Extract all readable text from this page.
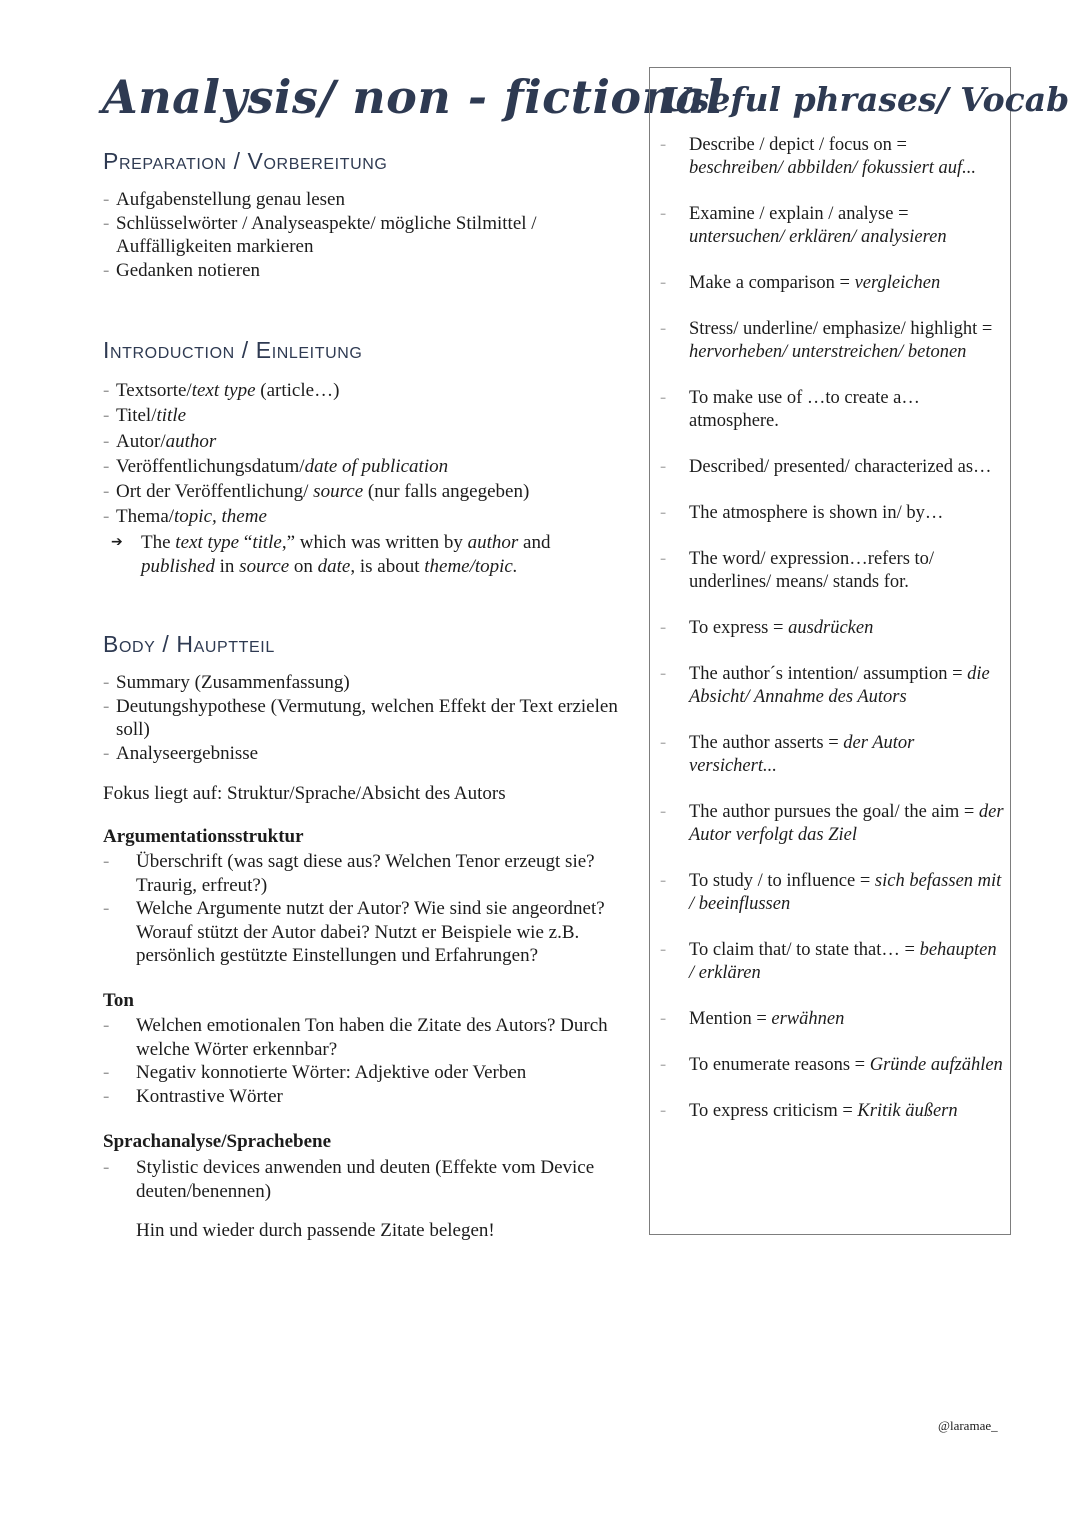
Analysis/ non - fictional
Preparation / Vorbereitung
- Aufgabenstellung genau lesen
- Schlüsselwörter / Analyseaspekte/ mögliche Stilmittel / Auffälligkeiten markieren
- Gedanken notieren
Introduction / Einleitung
- Textsorte/text type (article…)
- Titel/title
- Autor/author
- Veröffentlichungsdatum/date of publication
- Ort der Veröffentlichung/ source (nur falls angegeben)
- Thema/topic, theme
➔ The text type “title,” which was written by author and published in source on date, is about theme/topic.
Body / Hauptteil
- Summary (Zusammenfassung)
- Deutungshypothese (Vermutung, welchen Effekt der Text erzielen soll)
- Analyseergebnisse

Fokus liegt auf: Struktur/Sprache/Absicht des Autors

Argumentationsstruktur

- Überschrift (was sagt diese aus? Welchen Tenor erzeugt sie? Traurig, erfreut?)
- Welche Argumente nutzt der Autor? Wie sind sie angeordnet? Worauf stützt der Autor dabei? Nutzt er Beispiele wie z.B. persönlich gestützte Einstellungen und Erfahrungen?

Ton

- Welchen emotionalen Ton haben die Zitate des Autors? Durch welche Wörter erkennbar?
- Negativ konnotierte Wörter: Adjektive oder Verben
- Kontrastive Wörter

Sprachanalyse/Sprachebene

- Stylistic devices anwenden und deuten (Effekte vom Device deuten/benennen)

Hin und wieder durch passende Zitate belegen!

Useful phrases/ Vocab
- Describe / depict / focus on = beschreiben/ abbilden/ fokussiert auf...
- Examine / explain / analyse = untersuchen/ erklären/ analysieren
- Make a comparison = vergleichen
- Stress/ underline/ emphasize/ highlight = hervorheben/ unterstreichen/ betonen
- To make use of …to create a…atmosphere.
- Described/ presented/ characterized as…
- The atmosphere is shown in/ by…
- The word/ expression…refers to/ underlines/ means/ stands for.
- To express = ausdrücken
- The author´s intention/ assumption = die Absicht/ Annahme des Autors
- The author asserts = der Autor versichert...
- The author pursues the goal/ the aim = der Autor verfolgt das Ziel
- To study / to influence = sich befassen mit / beeinflussen
- To claim that/ to state that… = behaupten / erklären
- Mention = erwähnen
- To enumerate reasons = Gründe aufzählen
- To express criticism = Kritik äußern

@laramae_
